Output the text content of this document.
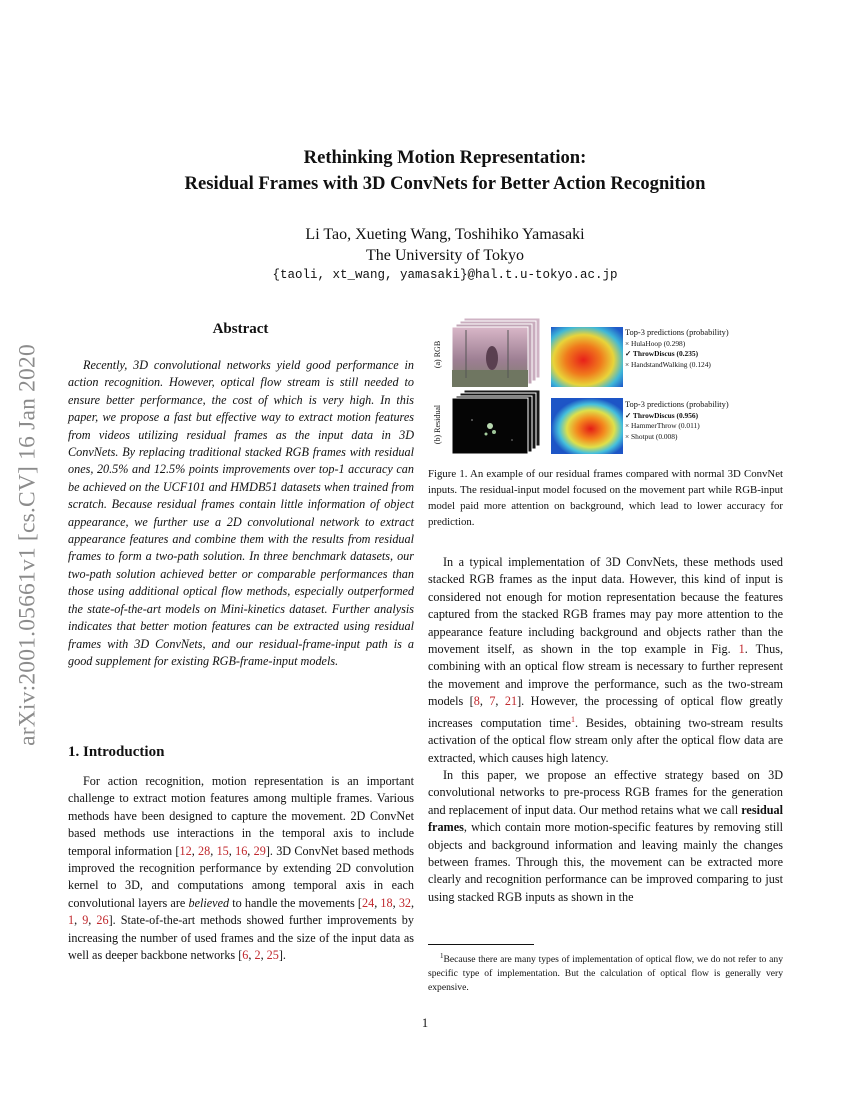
arXiv:2001.05661v1 [cs.CV] 16 Jan 2020
Rethinking Motion Representation:
Residual Frames with 3D ConvNets for Better Action Recognition
Li Tao, Xueting Wang, Toshihiko Yamasaki
The University of Tokyo
{taoli, xt_wang, yamasaki}@hal.t.u-tokyo.ac.jp
Abstract
Recently, 3D convolutional networks yield good performance in action recognition. However, optical flow stream is still needed to ensure better performance, the cost of which is very high. In this paper, we propose a fast but effective way to extract motion features from videos utilizing residual frames as the input data in 3D ConvNets. By replacing traditional stacked RGB frames with residual ones, 20.5% and 12.5% points improvements over top-1 accuracy can be achieved on the UCF101 and HMDB51 datasets when trained from scratch. Because residual frames contain little information of object appearance, we further use a 2D convolutional network to extract appearance features and combine them with the results from residual frames to form a two-path solution. In three benchmark datasets, our two-path solution achieved better or comparable performances than those using additional optical flow methods, especially outperformed the state-of-the-art models on Mini-kinetics dataset. Further analysis indicates that better motion features can be extracted using residual frames with 3D ConvNets, and our residual-frame-input path is a good supplement for existing RGB-frame-input models.
1. Introduction
For action recognition, motion representation is an important challenge to extract motion features among multiple frames. Various methods have been designed to capture the movement. 2D ConvNet based methods use interactions in the temporal axis to include temporal information [12, 28, 15, 16, 29]. 3D ConvNet based methods improved the recognition performance by extending 2D convolution kernel to 3D, and computations among temporal axis in each convolutional layers are believed to handle the movements [24, 18, 32, 1, 9, 26]. State-of-the-art methods showed further improvements by increasing the number of used frames and the size of the input data as well as deeper backbone networks [6, 2, 25].
(a) RGB
Top-3 predictions (probability)
× HulaHoop (0.298)
✓ ThrowDiscus (0.235)
× HandstandWalking (0.124)
(b) Residual
Top-3 predictions (probability)
✓ ThrowDiscus (0.956)
× HammerThrow (0.011)
× Shotput (0.008)
Figure 1. An example of our residual frames compared with normal 3D ConvNet inputs. The residual-input model focused on the movement part while RGB-input model paid more attention on background, which lead to lower accuracy for prediction.

In a typical implementation of 3D ConvNets, these methods used stacked RGB frames as the input data. However, this kind of input is considered not enough for motion representation because the features captured from the stacked RGB frames may pay more attention to the appearance feature including background and objects rather than the movement itself, as shown in the top example in Fig. 1. Thus, combining with an optical flow stream is necessary to further represent the movement and improve the performance, such as the two-stream models [8, 7, 21]. However, the processing of optical flow greatly increases computation time$^1$. Besides, obtaining two-stream results activation of the optical flow stream only after the optical flow data are extracted, which causes high latency.

In this paper, we propose an effective strategy based on 3D convolutional networks to pre-process RGB frames for the generation and replacement of input data. Our method retains what we call residual frames, which contain more motion-specific features by removing still objects and background information and leaving mainly the changes between frames. Through this, the movement can be extracted more clearly and recognition performance can be improved comparing to just using stacked RGB inputs as shown in the

$^1$Because there are many types of implementation of optical flow, we do not refer to any specific type of implementation. But the calculation of optical flow is generally very expensive.
1
